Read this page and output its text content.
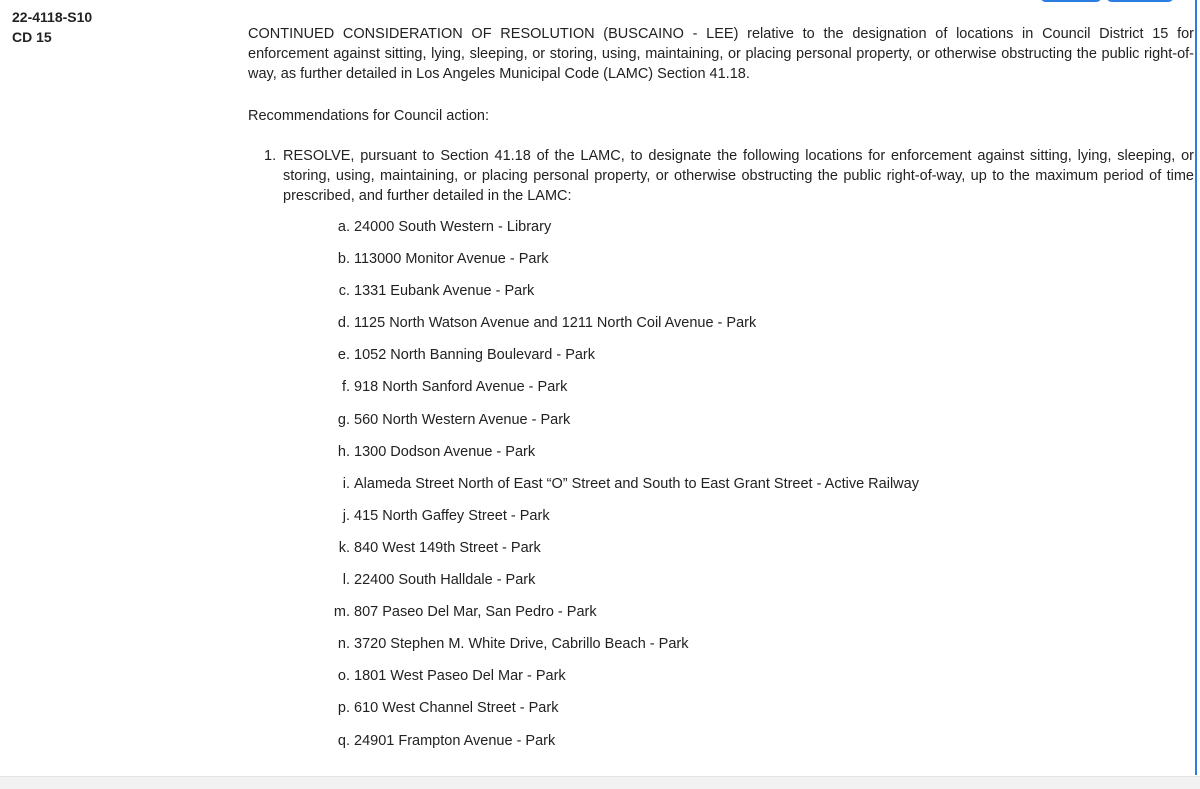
22-4118-S10
CD 15	CONTINUED CONSIDERATION OF RESOLUTION (BUSCAINO - LEE) relative to the designation of locations in Council District 15 for enforcement against sitting, lying, sleeping, or storing, using, maintaining, or placing personal property, or otherwise obstructing the public right-of-way, as further detailed in Los Angeles Municipal Code (LAMC) Section 41.18.

Recommendations for Council action:

1. RESOLVE, pursuant to Section 41.18 of the LAMC, to designate the following locations for enforcement against sitting, lying, sleeping, or storing, using, maintaining, or placing personal property, or otherwise obstructing the public right-of-way, up to the maximum period of time prescribed, and further detailed in the LAMC:
a. 24000 South Western - Library
b. 113000 Monitor Avenue - Park
c. 1331 Eubank Avenue - Park
d. 1125 North Watson Avenue and 1211 North Coil Avenue - Park
e. 1052 North Banning Boulevard - Park
f. 918 North Sanford Avenue - Park
g. 560 North Western Avenue - Park
h. 1300 Dodson Avenue - Park
i. Alameda Street North of East “O” Street and South to East Grant Street - Active Railway
j. 415 North Gaffey Street - Park
k. 840 West 149th Street - Park
l. 22400 South Halldale - Park
m. 807 Paseo Del Mar, San Pedro - Park
n. 3720 Stephen M. White Drive, Cabrillo Beach - Park
o. 1801 West Paseo Del Mar - Park
p. 610 West Channel Street - Park
q. 24901 Frampton Avenue - Park
